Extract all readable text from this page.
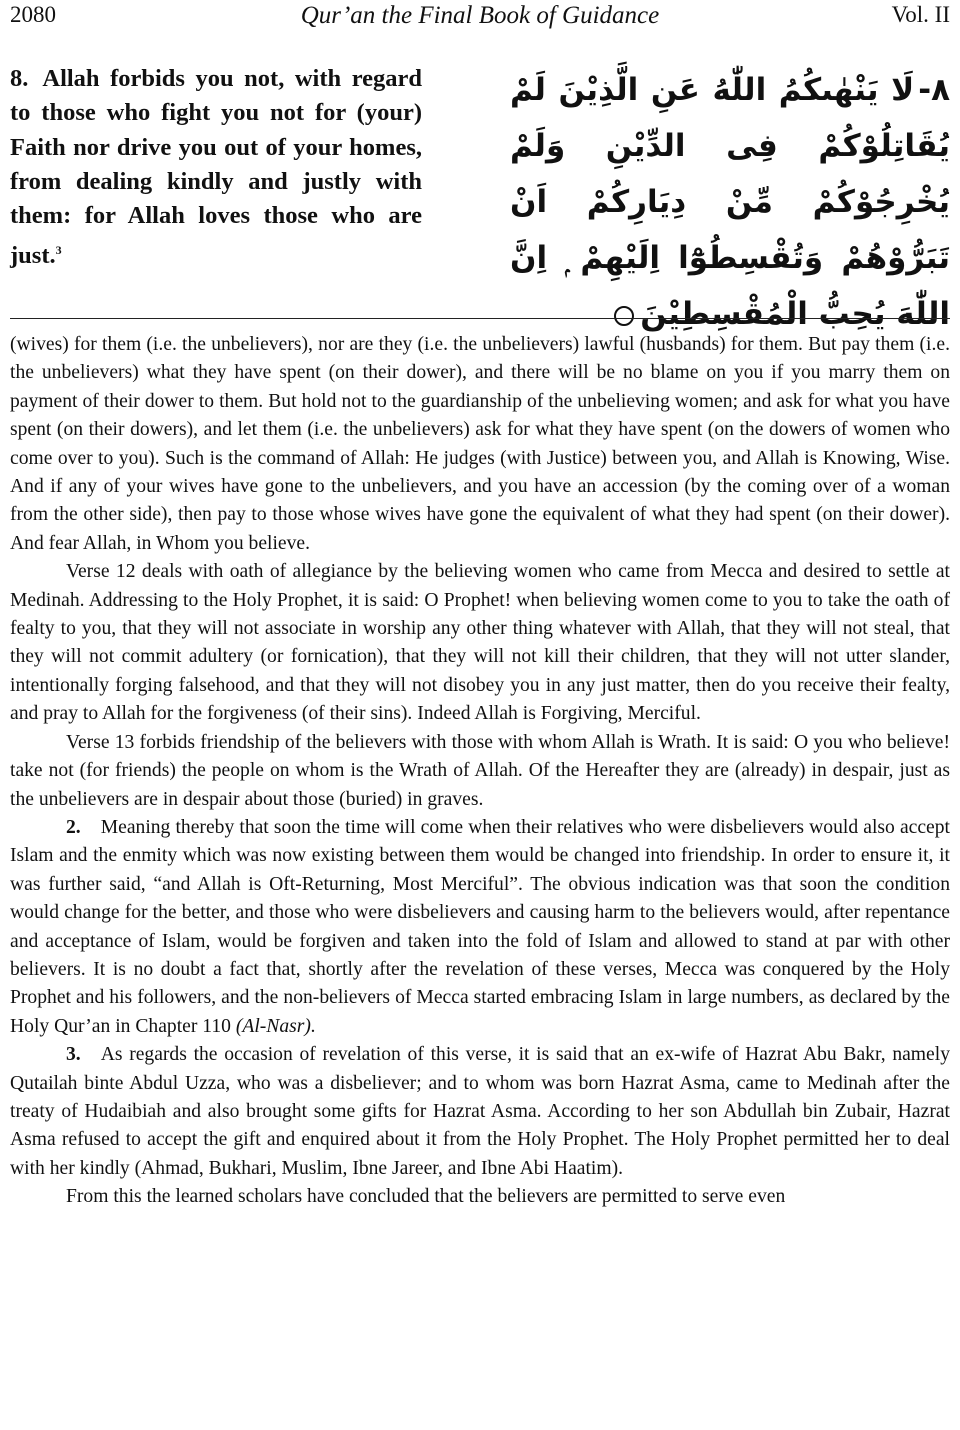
2080	Qur’an the Final Book of Guidance	Vol. II
8. Allah forbids you not, with regard to those who fight you not for (your) Faith nor drive you out of your homes, from dealing kindly and justly with them: for Allah loves those who are just.$^3$
٨-لَا يَنْهٰىكُمُ اللّٰهُ عَنِ الَّذِيْنَ لَمْ يُقَاتِلُوْكُمْ فِى الدِّيْنِ وَلَمْ يُخْرِجُوْكُمْ مِّنْ دِيَارِكُمْ اَنْ تَبَرُّوْهُمْ وَتُقْسِطُوْٓا اِلَيْهِمْ ۭ اِنَّ اللّٰهَ يُحِبُّ الْمُقْسِطِيْنَ

(wives) for them (i.e. the unbelievers), nor are they (i.e. the unbelievers) lawful (husbands) for them. But pay them (i.e. the unbelievers) what they have spent (on their dower), and there will be no blame on you if you marry them on payment of their dower to them. But hold not to the guardianship of the unbelieving women; and ask for what you have spent (on their dowers), and let them (i.e. the unbelievers) ask for what they have spent (on the dowers of women who come over to you). Such is the command of Allah: He judges (with Justice) between you, and Allah is Knowing, Wise. And if any of your wives have gone to the unbelievers, and you have an accession (by the coming over of a woman from the other side), then pay to those whose wives have gone the equivalent of what they had spent (on their dower). And fear Allah, in Whom you believe.

Verse 12 deals with oath of allegiance by the believing women who came from Mecca and desired to settle at Medinah. Addressing to the Holy Prophet, it is said: O Prophet! when believing women come to you to take the oath of fealty to you, that they will not associate in worship any other thing whatever with Allah, that they will not steal, that they will not commit adultery (or fornication), that they will not kill their children, that they will not utter slander, intentionally forging falsehood, and that they will not disobey you in any just matter, then do you receive their fealty, and pray to Allah for the forgiveness (of their sins). Indeed Allah is Forgiving, Merciful.

Verse 13 forbids friendship of the believers with those with whom Allah is Wrath. It is said: O you who believe! take not (for friends) the people on whom is the Wrath of Allah. Of the Hereafter they are (already) in despair, just as the unbelievers are in despair about those (buried) in graves.

2. Meaning thereby that soon the time will come when their relatives who were disbelievers would also accept Islam and the enmity which was now existing between them would be changed into friendship. In order to ensure it, it was further said, “and Allah is Oft-Returning, Most Merciful”. The obvious indication was that soon the condition would change for the better, and those who were disbelievers and causing harm to the believers would, after repentance and acceptance of Islam, would be forgiven and taken into the fold of Islam and allowed to stand at par with other believers. It is no doubt a fact that, shortly after the revelation of these verses, Mecca was conquered by the Holy Prophet and his followers, and the non-believers of Mecca started embracing Islam in large numbers, as declared by the Holy Qur’an in Chapter 110 (Al-Nasr).

3. As regards the occasion of revelation of this verse, it is said that an ex-wife of Hazrat Abu Bakr, namely Qutailah binte Abdul Uzza, who was a disbeliever; and to whom was born Hazrat Asma, came to Medinah after the treaty of Hudaibiah and also brought some gifts for Hazrat Asma. According to her son Abdullah bin Zubair, Hazrat Asma refused to accept the gift and enquired about it from the Holy Prophet. The Holy Prophet permitted her to deal with her kindly (Ahmad, Bukhari, Muslim, Ibne Jareer, and Ibne Abi Haatim).

From this the learned scholars have concluded that the believers are permitted to serve even
